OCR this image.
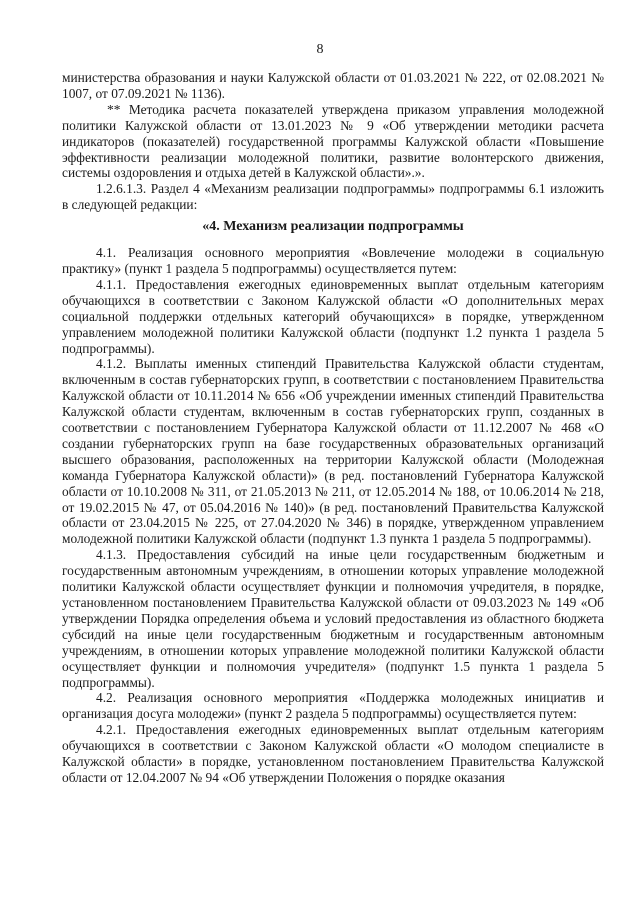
8

министерства образования и науки Калужской области от 01.03.2021 № 222, от 02.08.2021 № 1007, от 07.09.2021 № 1136).

** Методика расчета показателей утверждена приказом управления молодежной политики Калужской области от 13.01.2023 № 9 «Об утверждении методики расчета индикаторов (показателей) государственной программы Калужской области «Повышение эффективности реализации молодежной политики, развитие волонтерского движения, системы оздоровления и отдыха детей в Калужской области».».

1.2.6.1.3. Раздел 4 «Механизм реализации подпрограммы» подпрограммы 6.1 изложить в следующей редакции:

«4. Механизм реализации подпрограммы

4.1. Реализация основного мероприятия «Вовлечение молодежи в социальную практику» (пункт 1 раздела 5 подпрограммы) осуществляется путем:

4.1.1. Предоставления ежегодных единовременных выплат отдельным категориям обучающихся в соответствии с Законом Калужской области «О дополнительных мерах социальной поддержки отдельных категорий обучающихся» в порядке, утвержденном управлением молодежной политики Калужской области (подпункт 1.2 пункта 1 раздела 5 подпрограммы).

4.1.2. Выплаты именных стипендий Правительства Калужской области студентам, включенным в состав губернаторских групп, в соответствии с постановлением Правительства Калужской области от 10.11.2014 № 656 «Об учреждении именных стипендий Правительства Калужской области студентам, включенным в состав губернаторских групп, созданных в соответствии с постановлением Губернатора Калужской области от 11.12.2007 № 468 «О создании губернаторских групп на базе государственных образовательных организаций высшего образования, расположенных на территории Калужской области (Молодежная команда Губернатора Калужской области)» (в ред. постановлений Губернатора Калужской области от 10.10.2008 № 311, от 21.05.2013 № 211, от 12.05.2014 № 188, от 10.06.2014 № 218, от 19.02.2015 № 47, от 05.04.2016 № 140)» (в ред. постановлений Правительства Калужской области от 23.04.2015 № 225, от 27.04.2020 № 346) в порядке, утвержденном управлением молодежной политики Калужской области (подпункт 1.3 пункта 1 раздела 5 подпрограммы).

4.1.3. Предоставления субсидий на иные цели государственным бюджетным и государственным автономным учреждениям, в отношении которых управление молодежной политики Калужской области осуществляет функции и полномочия учредителя, в порядке, установленном постановлением Правительства Калужской области от 09.03.2023 № 149 «Об утверждении Порядка определения объема и условий предоставления из областного бюджета субсидий на иные цели государственным бюджетным и государственным автономным учреждениям, в отношении которых управление молодежной политики Калужской области осуществляет функции и полномочия учредителя» (подпункт 1.5 пункта 1 раздела 5 подпрограммы).

4.2. Реализация основного мероприятия «Поддержка молодежных инициатив и организация досуга молодежи» (пункт 2 раздела 5 подпрограммы) осуществляется путем:

4.2.1. Предоставления ежегодных единовременных выплат отдельным категориям обучающихся в соответствии с Законом Калужской области «О молодом специалисте в Калужской области» в порядке, установленном постановлением Правительства Калужской области от 12.04.2007 № 94 «Об утверждении Положения о порядке оказания
